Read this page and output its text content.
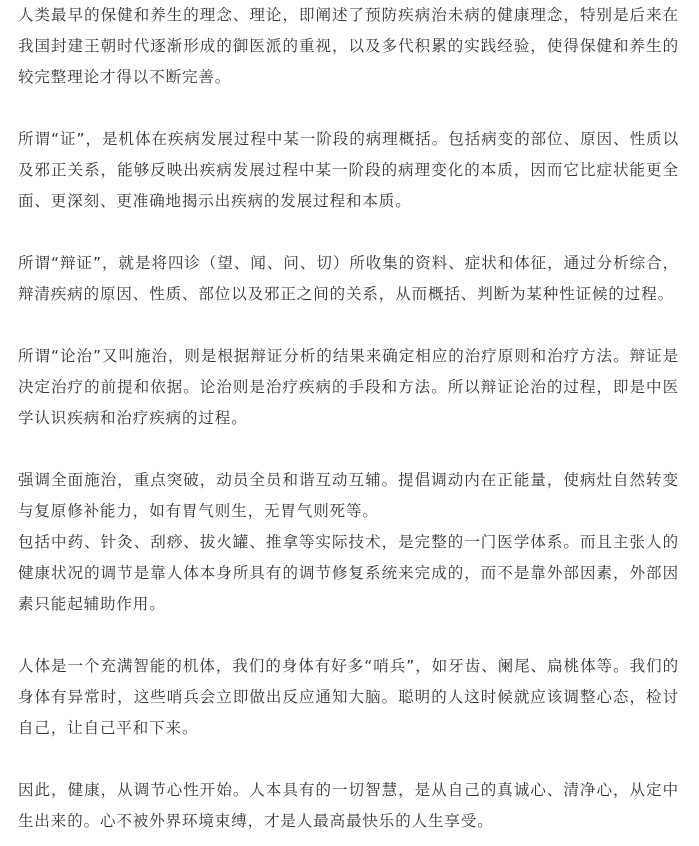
人类最早的保健和养生的理念、理论，即阐述了预防疾病治未病的健康理念，特别是后来在我国封建王朝时代逐渐形成的御医派的重视，以及多代积累的实践经验，使得保健和养生的较完整理论才得以不断完善。

所谓“证”，是机体在疾病发展过程中某一阶段的病理概括。包括病变的部位、原因、性质以及邪正关系，能够反映出疾病发展过程中某一阶段的病理变化的本质，因而它比症状能更全面、更深刻、更准确地揭示出疾病的发展过程和本质。

所谓“辩证”，就是将四诊（望、闻、问、切）所收集的资料、症状和体征，通过分析综合，辩清疾病的原因、性质、部位以及邪正之间的关系，从而概括、判断为某种性证候的过程。

所谓“论治”又叫施治，则是根据辩证分析的结果来确定相应的治疗原则和治疗方法。辩证是决定治疗的前提和依据。论治则是治疗疾病的手段和方法。所以辩证论治的过程，即是中医学认识疾病和治疗疾病的过程。

强调全面施治，重点突破，动员全员和谐互动互辅。提倡调动内在正能量，使病灶自然转变与复原修补能力，如有胃气则生，无胃气则死等。

包括中药、针灸、刮痧、拔火罐、推拿等实际技术，是完整的一门医学体系。而且主张人的健康状况的调节是靠人体本身所具有的调节修复系统来完成的，而不是靠外部因素，外部因素只能起辅助作用。

人体是一个充满智能的机体，我们的身体有好多“哨兵”，如牙齿、阑尾、扁桃体等。我们的身体有异常时，这些哨兵会立即做出反应通知大脑。聪明的人这时候就应该调整心态，检讨自己，让自己平和下来。

因此，健康，从调节心性开始。人本具有的一切智慧，是从自己的真诚心、清净心，从定中生出来的。心不被外界环境束缚，才是人最高最快乐的人生享受。
